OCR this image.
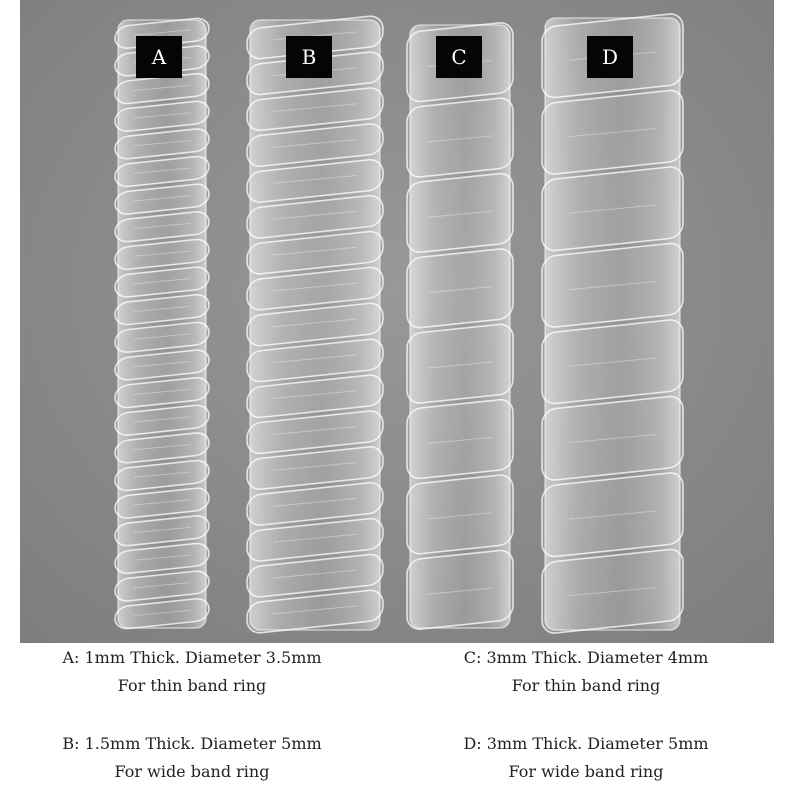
A	B	C	D
A: 1mm Thick. Diameter 3.5mm
For thin band ring
C: 3mm Thick. Diameter 4mm
For thin band ring
B: 1.5mm Thick. Diameter 5mm
For wide band ring
D: 3mm Thick. Diameter 5mm
For wide band ring
